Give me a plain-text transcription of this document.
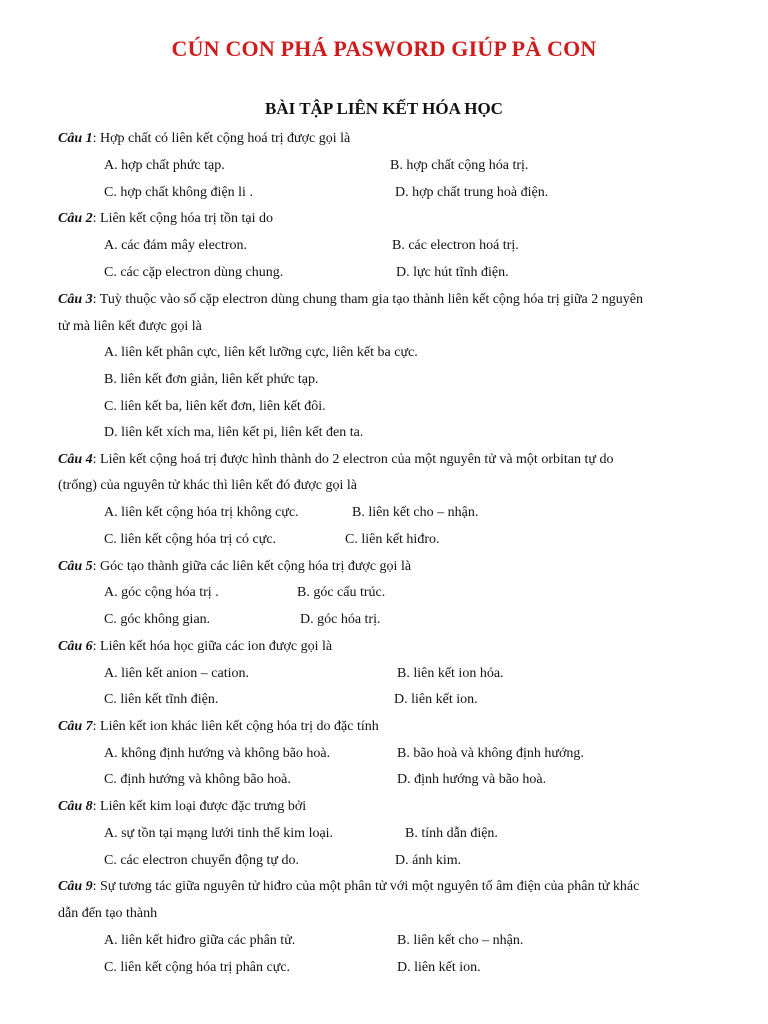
CÚN CON PHÁ PASWORD GIÚP PÀ CON
BÀI TẬP LIÊN KẾT HÓA HỌC
Câu 1: Hợp chất có liên kết cộng hoá trị được gọi là
A. hợp chất phức tạp.	B. hợp chất cộng hóa trị.
C. hợp chất không điện li .	D. hợp chất trung hoà điện.
Câu 2: Liên kết cộng hóa trị tồn tại do
A. các đám mây electron.	B. các electron hoá trị.
C. các cặp electron dùng chung.	D. lực hút tĩnh điện.
Câu 3: Tuỳ thuộc vào số cặp electron dùng chung tham gia tạo thành liên kết cộng hóa trị giữa 2 nguyên
tử mà liên kết được gọi là
A. liên kết phân cực, liên kết lưỡng cực, liên kết ba cực.
B. liên kết đơn giản, liên kết phức tạp.
C. liên kết ba, liên kết đơn, liên kết đôi.
D. liên kết xích ma, liên kết pi, liên kết đen ta.
Câu 4: Liên kết cộng hoá trị được hình thành do 2 electron của một nguyên tử và một orbitan tự do
(trống) của nguyên tử khác thì liên kết đó được gọi là
A. liên kết cộng hóa trị không cực.	B. liên kết cho – nhận.
C. liên kết cộng hóa trị có cực.	C. liên kết hiđro.
Câu 5: Góc tạo thành giữa các liên kết cộng hóa trị được gọi là
A. góc cộng hóa trị .	B. góc cấu trúc.
C. góc không gian.	D. góc hóa trị.
Câu 6: Liên kết hóa học giữa các ion được gọi là
A. liên kết anion – cation.	B. liên kết ion hóa.
C. liên kết tĩnh điện.	D. liên kết ion.
Câu 7: Liên kết ion khác liên kết cộng hóa trị do đặc tính
A. không định hướng và không bão hoà.	B. bão hoà và không định hướng.
C. định hướng và không bão hoà.	D. định hướng và bão hoà.
Câu 8: Liên kết kim loại được đặc trưng bởi
A. sự tồn tại mạng lưới tinh thể kim loại.	B. tính dẫn điện.
C. các electron chuyển động tự do.	D. ánh kim.
Câu 9: Sự tương tác giữa nguyên tử hiđro của một phân tử với một nguyên tố âm điện của phân tử khác
dẫn đến tạo thành
A. liên kết hiđro giữa các phân tử.	B. liên kết cho – nhận.
C. liên kết cộng hóa trị phân cực.	D. liên kết ion.
